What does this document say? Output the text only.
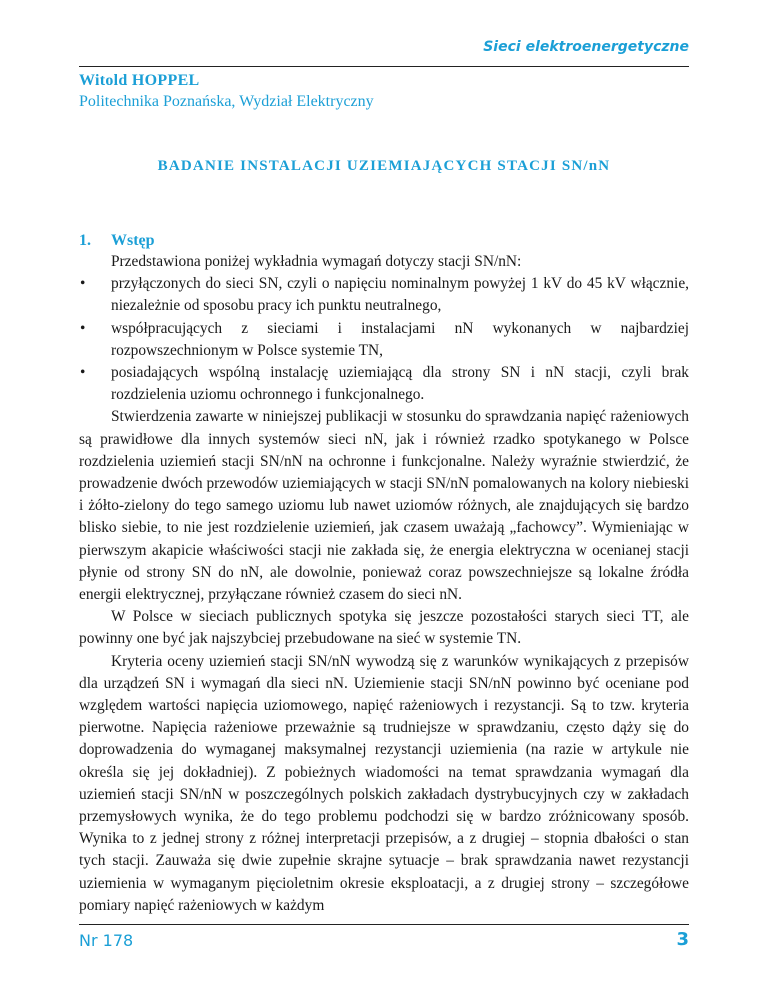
Sieci elektroenergetyczne
Witold HOPPEL
Politechnika Poznańska, Wydział Elektryczny
BADANIE INSTALACJI UZIEMIAJĄCYCH STACJI SN/nN
1. Wstęp

Przedstawiona poniżej wykładnia wymagań dotyczy stacji SN/nN:

• przyłączonych do sieci SN, czyli o napięciu nominalnym powyżej 1 kV do 45 kV włącznie, niezależnie od sposobu pracy ich punktu neutralnego,
• współpracujących z sieciami i instalacjami nN wykonanych w najbardziej rozpowszechnionym w Polsce systemie TN,
• posiadających wspólną instalację uziemiającą dla strony SN i nN stacji, czyli brak rozdzielenia uziomu ochronnego i funkcjonalnego.

Stwierdzenia zawarte w niniejszej publikacji w stosunku do sprawdzania napięć rażeniowych są prawidłowe dla innych systemów sieci nN, jak i również rzadko spotykanego w Polsce rozdzielenia uziemień stacji SN/nN na ochronne i funkcjonalne. Należy wyraźnie stwierdzić, że prowadzenie dwóch przewodów uziemiających w stacji SN/nN pomalowanych na kolory niebieski i żółto-zielony do tego samego uziomu lub nawet uziomów różnych, ale znajdujących się bardzo blisko siebie, to nie jest rozdzielenie uziemień, jak czasem uważają „fachowcy”. Wymieniając w pierwszym akapicie właściwości stacji nie zakłada się, że energia elektryczna w ocenianej stacji płynie od strony SN do nN, ale dowolnie, ponieważ coraz powszechniejsze są lokalne źródła energii elektrycznej, przyłączane również czasem do sieci nN.

W Polsce w sieciach publicznych spotyka się jeszcze pozostałości starych sieci TT, ale powinny one być jak najszybciej przebudowane na sieć w systemie TN.

Kryteria oceny uziemień stacji SN/nN wywodzą się z warunków wynikających z przepisów dla urządzeń SN i wymagań dla sieci nN. Uziemienie stacji SN/nN powinno być oceniane pod względem wartości napięcia uziomowego, napięć rażeniowych i rezystancji. Są to tzw. kryteria pierwotne. Napięcia rażeniowe przeważnie są trudniejsze w sprawdzaniu, często dąży się do doprowadzenia do wymaganej maksymalnej rezystancji uziemienia (na razie w artykule nie określa się jej dokładniej). Z pobieżnych wiadomości na temat sprawdzania wymagań dla uziemień stacji SN/nN w poszczególnych polskich zakładach dystrybucyjnych czy w zakładach przemysłowych wynika, że do tego problemu podchodzi się w bardzo zróżnicowany sposób. Wynika to z jednej strony z różnej interpretacji przepisów, a z drugiej – stopnia dbałości o stan tych stacji. Zauważa się dwie zupełnie skrajne sytuacje – brak sprawdzania nawet rezystancji uziemienia w wymaganym pięcioletnim okresie eksploatacji, a z drugiej strony – szczegółowe pomiary napięć rażeniowych w każdym

Nr 178	3
